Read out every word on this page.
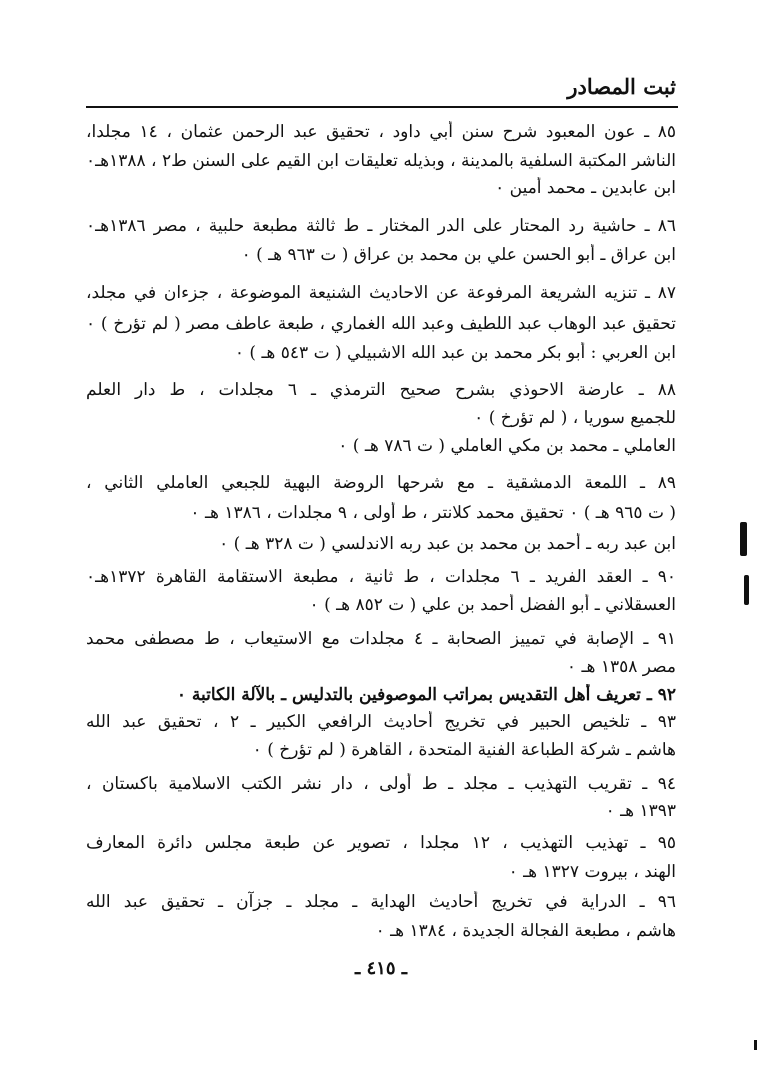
ثبت المصادر
٨٥ ـ عون المعبود شرح سنن أبي داود ، تحقيق عبد الرحمن عثمان ، ١٤ مجلدا،
الناشر المكتبة السلفية بالمدينة ، وبذيله تعليقات ابن القيم على السنن ط٢ ، ١٣٨٨هـ٠
ابن عابدين ـ محمد أمين ٠
٨٦ ـ حاشية رد المحتار على الدر المختار ـ ط ثالثة مطبعة حلبية ، مصر ١٣٨٦هـ٠
ابن عراق ـ أبو الحسن علي بن محمد بن عراق ( ت ٩٦٣ هـ ) ٠
٨٧ ـ تنزيه الشريعة المرفوعة عن الاحاديث الشنيعة الموضوعة ، جزءان في مجلد،
تحقيق عبد الوهاب عبد اللطيف وعبد الله الغماري ، طبعة عاطف مصر ( لم تؤرخ ) ٠
ابن العربي : أبو بكر محمد بن عبد الله الاشبيلي ( ت ٥٤٣ هـ ) ٠
٨٨ ـ عارضة الاحوذي بشرح صحيح الترمذي ـ ٦ مجلدات ، ط دار العلم
للجميع سوريا ، ( لم تؤرخ ) ٠
العاملي ـ محمد بن مكي العاملي ( ت ٧٨٦ هـ ) ٠
٨٩ ـ اللمعة الدمشقية ـ مع شرحها الروضة البهية للجبعي العاملي الثاني ،
( ت ٩٦٥ هـ ) ٠ تحقيق محمد كلانتر ، ط أولى ، ٩ مجلدات ، ١٣٨٦ هـ ٠
ابن عبد ربه ـ أحمد بن محمد بن عبد ربه الاندلسي ( ت ٣٢٨ هـ ) ٠
٩٠ ـ العقد الفريد ـ ٦ مجلدات ، ط ثانية ، مطبعة الاستقامة القاهرة ١٣٧٢هـ٠
العسقلاني ـ أبو الفضل أحمد بن علي ( ت ٨٥٢ هـ ) ٠
٩١ ـ الإصابة في تمييز الصحابة ـ ٤ مجلدات مع الاستيعاب ، ط مصطفى محمد
مصر ١٣٥٨ هـ ٠
٩٢ ـ تعريف أهل التقديس بمراتب الموصوفين بالتدليس ـ بالآلة الكاتبة ٠
٩٣ ـ تلخيص الحبير في تخريج أحاديث الرافعي الكبير ـ ٢ ، تحقيق عبد الله
هاشم ـ شركة الطباعة الفنية المتحدة ، القاهرة ( لم تؤرخ ) ٠
٩٤ ـ تقريب التهذيب ـ مجلد ـ ط أولى ، دار نشر الكتب الاسلامية باكستان ،
١٣٩٣ هـ ٠
٩٥ ـ تهذيب التهذيب ، ١٢ مجلدا ، تصوير عن طبعة مجلس دائرة المعارف
الهند ، بيروت ١٣٢٧ هـ ٠
٩٦ ـ الدراية في تخريج أحاديث الهداية ـ مجلد ـ جزآن ـ تحقيق عبد الله
هاشم ، مطبعة الفجالة الجديدة ، ١٣٨٤ هـ ٠
ـ ٤١٥ ـ
